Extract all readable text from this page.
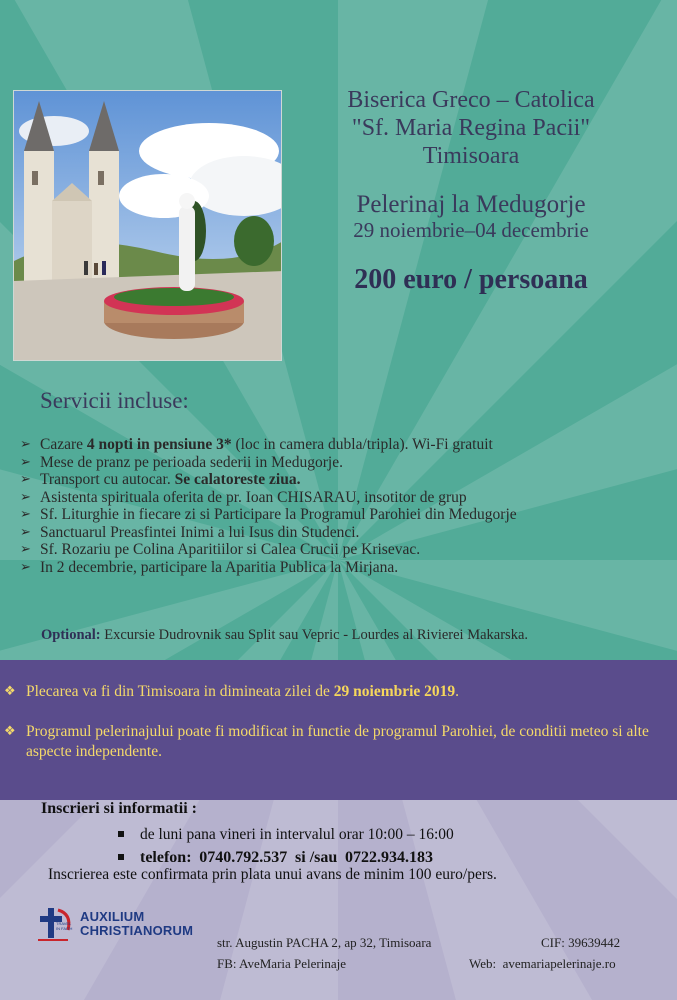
Biserica Greco – Catolica
"Sf. Maria Regina Pacii"
Timisoara
Pelerinaj la Medugorje
29 noiembrie–04 decembrie
200 euro / persoana
Servicii incluse:
➢ Cazare 4 nopti in pensiune 3* (loc in camera dubla/tripla). Wi-Fi gratuit
➢ Mese de pranz pe perioada sederii in Medugorje.
➢ Transport cu autocar. Se calatoreste ziua.
➢ Asistenta spirituala oferita de pr. Ioan CHISARAU, insotitor de grup
➢ Sf. Liturghie in fiecare zi si Participare la Programul Parohiei din Medugorje
➢ Sanctuarul Preasfintei Inimi a lui Isus din Studenci.
➢ Sf. Rozariu pe Colina Aparitiilor si Calea Crucii pe Krisevac.
➢ In 2 decembrie, participare la Aparitia Publica la Mirjana.
Optional: Excursie Dudrovnik sau Split sau Vepric - Lourdes al Rivierei Makarska.
❖ Plecarea va fi din Timisoara in dimineata zilei de 29 noiembrie 2019.
❖ Programul pelerinajului poate fi modificat in functie de programul Parohiei, de conditii meteo si alte aspecte independente.
Inscrieri si informatii :
de luni pana vineri in intervalul orar 10:00 – 16:00
telefon: 0740.792.537 si /sau 0722.934.183
Inscrierea este confirmata prin plata unui avans de minim 100 euro/pers.
AUXILIUM
CHRISTIANORUM
TRAVEL
IN FAITH
str. Augustin PACHA 2, ap 32, Timisoara	CIF: 39639442
FB: AveMaria Pelerinaje	Web: avemariapelerinaje.ro
